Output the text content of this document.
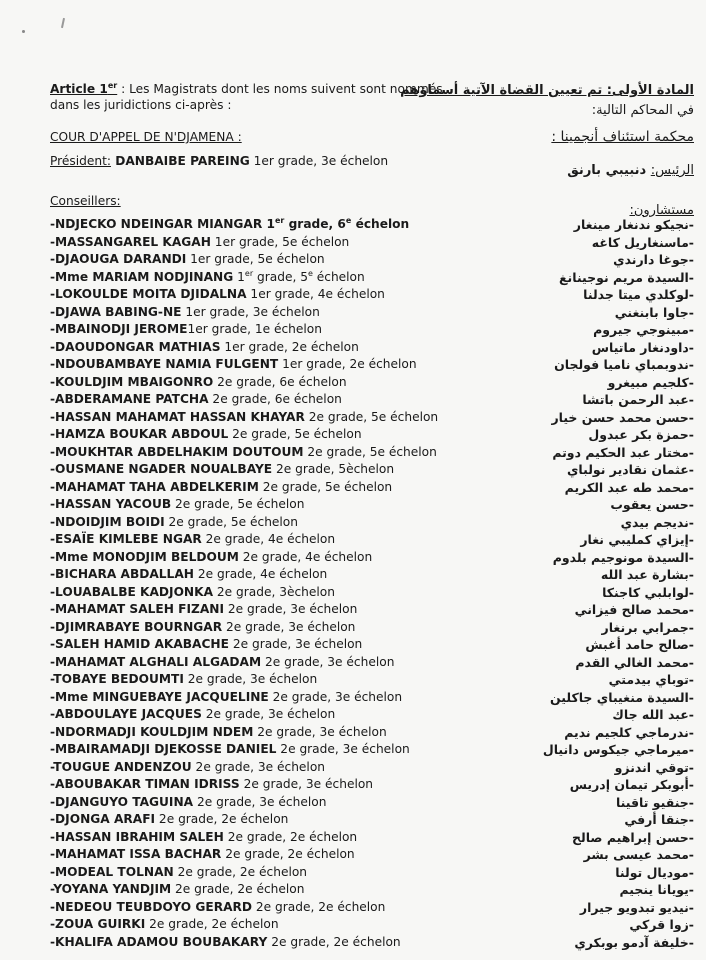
Article 1er : Les Magistrats dont les noms suivent sont nommés
dans les juridictions ci-après :
المادة الأولى: تم تعيين القضاة الآتية أسماؤهم
في المحاكم التالية:
COUR D'APPEL DE N'DJAMENA :	محكمة استئناف أنجمينا :
Président: DANBAIBE PAREING 1er grade, 3e échelon
الرئيس: دنبيبي بارنق
Conseillers:
مستشارون:
-NDJECKO NDEINGAR MIANGAR 1er grade, 6e échelon
-MASSANGAREL KAGAH 1er grade, 5e échelon
-DJAOUGA DARANDI 1er grade, 5e échelon
-Mme MARIAM NODJINANG 1er grade, 5e échelon
-LOKOULDE MOITA DJIDALNA 1er grade, 4e échelon
-DJAWA BABING-NE 1er grade, 3e échelon
-MBAINODJI JEROME1er grade, 1e échelon
-DAOUDONGAR MATHIAS 1er grade, 2e échelon
-NDOUBAMBAYE NAMIA FULGENT 1er grade, 2e échelon
-KOULDJIM MBAIGONRO 2e grade, 6e échelon
-ABDERAMANE PATCHA 2e grade, 6e échelon
-HASSAN MAHAMAT HASSAN KHAYAR 2e grade, 5e échelon
-HAMZA BOUKAR ABDOUL 2e grade, 5e échelon
-MOUKHTAR ABDELHAKIM DOUTOUM 2e grade, 5e échelon
-OUSMANE NGADER NOUALBAYE 2e grade, 5èchelon
-MAHAMAT TAHA ABDELKERIM 2e grade, 5e échelon
-HASSAN YACOUB 2e grade, 5e échelon
-NDOIDJIM BOIDI 2e grade, 5e échelon
-ESAÏE KIMLEBE NGAR 2e grade, 4e échelon
-Mme MONODJIM BELDOUM 2e grade, 4e échelon
-BICHARA ABDALLAH 2e grade, 4e échelon
-LOUABALBE KADJONKA 2e grade, 3èchelon
-MAHAMAT SALEH FIZANI 2e grade, 3e échelon
-DJIMRABAYE BOURNGAR 2e grade, 3e échelon
-SALEH HAMID AKABACHE 2e grade, 3e échelon
-MAHAMAT ALGHALI ALGADAM 2e grade, 3e échelon
-TOBAYE BEDOUMTI 2e grade, 3e échelon
-Mme MINGUEBAYE JACQUELINE 2e grade, 3e échelon
-ABDOULAYE JACQUES 2e grade, 3e échelon
-NDORMADJI KOULDJIM NDEM 2e grade, 3e échelon
-MBAIRAMADJI DJEKOSSE DANIEL 2e grade, 3e échelon
-TOUGUE ANDENZOU 2e grade, 3e échelon
-ABOUBAKAR TIMAN IDRISS 2e grade, 3e échelon
-DJANGUYO TAGUINA 2e grade, 3e échelon
-DJONGA ARAFI 2e grade, 2e échelon
-HASSAN IBRAHIM SALEH 2e grade, 2e échelon
-MAHAMAT ISSA BACHAR 2e grade, 2e échelon
-MODEAL TOLNAN 2e grade, 2e échelon
-YOYANA YANDJIM 2e grade, 2e échelon
-NEDEOU TEUBDOYO GERARD 2e grade, 2e échelon
-ZOUA GUIRKI 2e grade, 2e échelon
-KHALIFA ADAMOU BOUBAKARY 2e grade, 2e échelon
-نجيكو ندنغار مينغار
-ماسنغاريل كاغه
-جوغا دارندي
-السيدة مريم نوجينانغ
-لوكلدي ميتا جدلنا
-جاوا بابنغني
-مبينوجي جيروم
-داودنغار ماتياس
-ندوبمباي ناميا فولجان
-كلجيم مبيغرو
-عبد الرحمن باتشا
-حسن محمد حسن خيار
-حمزة بكر عبدول
-مختار عبد الحكيم دوتم
-عثمان نقادير نولباي
-محمد طه عبد الكريم
-حسن يعقوب
-نديجم بيدي
-إيزاي كمليبي نغار
-السيدة مونوجيم بلدوم
-بشارة عبد الله
-لوابلبي كاجنكا
-محمد صالح فيزاني
-جمرابي برنغار
-صالح حامد أغبش
-محمد الغالي القدم
-توباي بيدمتي
-السيدة منغيباي جاكلين
-عبد الله جاك
-ندرماجي كلجيم نديم
-ميرماجي جيكوس دانيال
-توقي اندنزو
-أبوبكر تيمان إدريس
-جنقيو تاقينا
-جنقا أرفي
-حسن إبراهيم صالح
-محمد عيسى بشر
-موديال تولنا
-يويانا ينجيم
-نيديو تبدويو جيرار
-زوا قركي
-خليفة آدمو بوبكري
